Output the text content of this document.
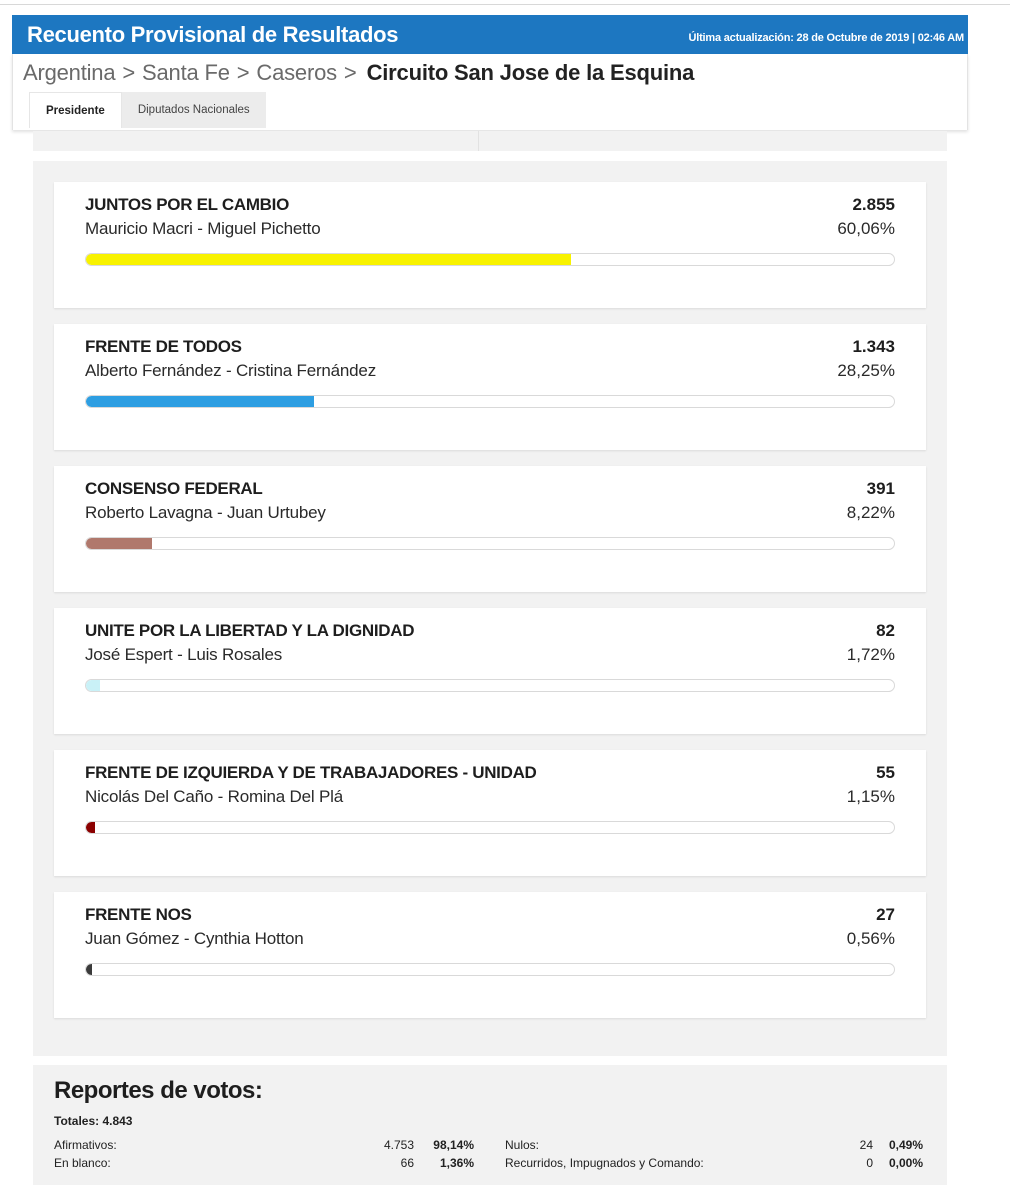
Recuento Provisional de Resultados	Última actualización: 28 de Octubre de 2019 | 02:46 AM
Argentina > Santa Fe > Caseros > Circuito San Jose de la Esquina
Presidente	Diputados Nacionales
JUNTOS POR EL CAMBIO
Mauricio Macri - Miguel Pichetto
2.855
60,06%
FRENTE DE TODOS
Alberto Fernández - Cristina Fernández
1.343
28,25%
CONSENSO FEDERAL
Roberto Lavagna - Juan Urtubey
391
8,22%
UNITE POR LA LIBERTAD Y LA DIGNIDAD
José Espert - Luis Rosales
82
1,72%
FRENTE DE IZQUIERDA Y DE TRABAJADORES - UNIDAD
Nicolás Del Caño - Romina Del Plá
55
1,15%
FRENTE NOS
Juan Gómez - Cynthia Hotton
27
0,56%
Reportes de votos:
Totales: 4.843
Afirmativos:	4.753 98,14%
En blanco:	66 1,36%
Nulos:	24 0,49%
Recurridos, Impugnados y Comando:	0 0,00%
